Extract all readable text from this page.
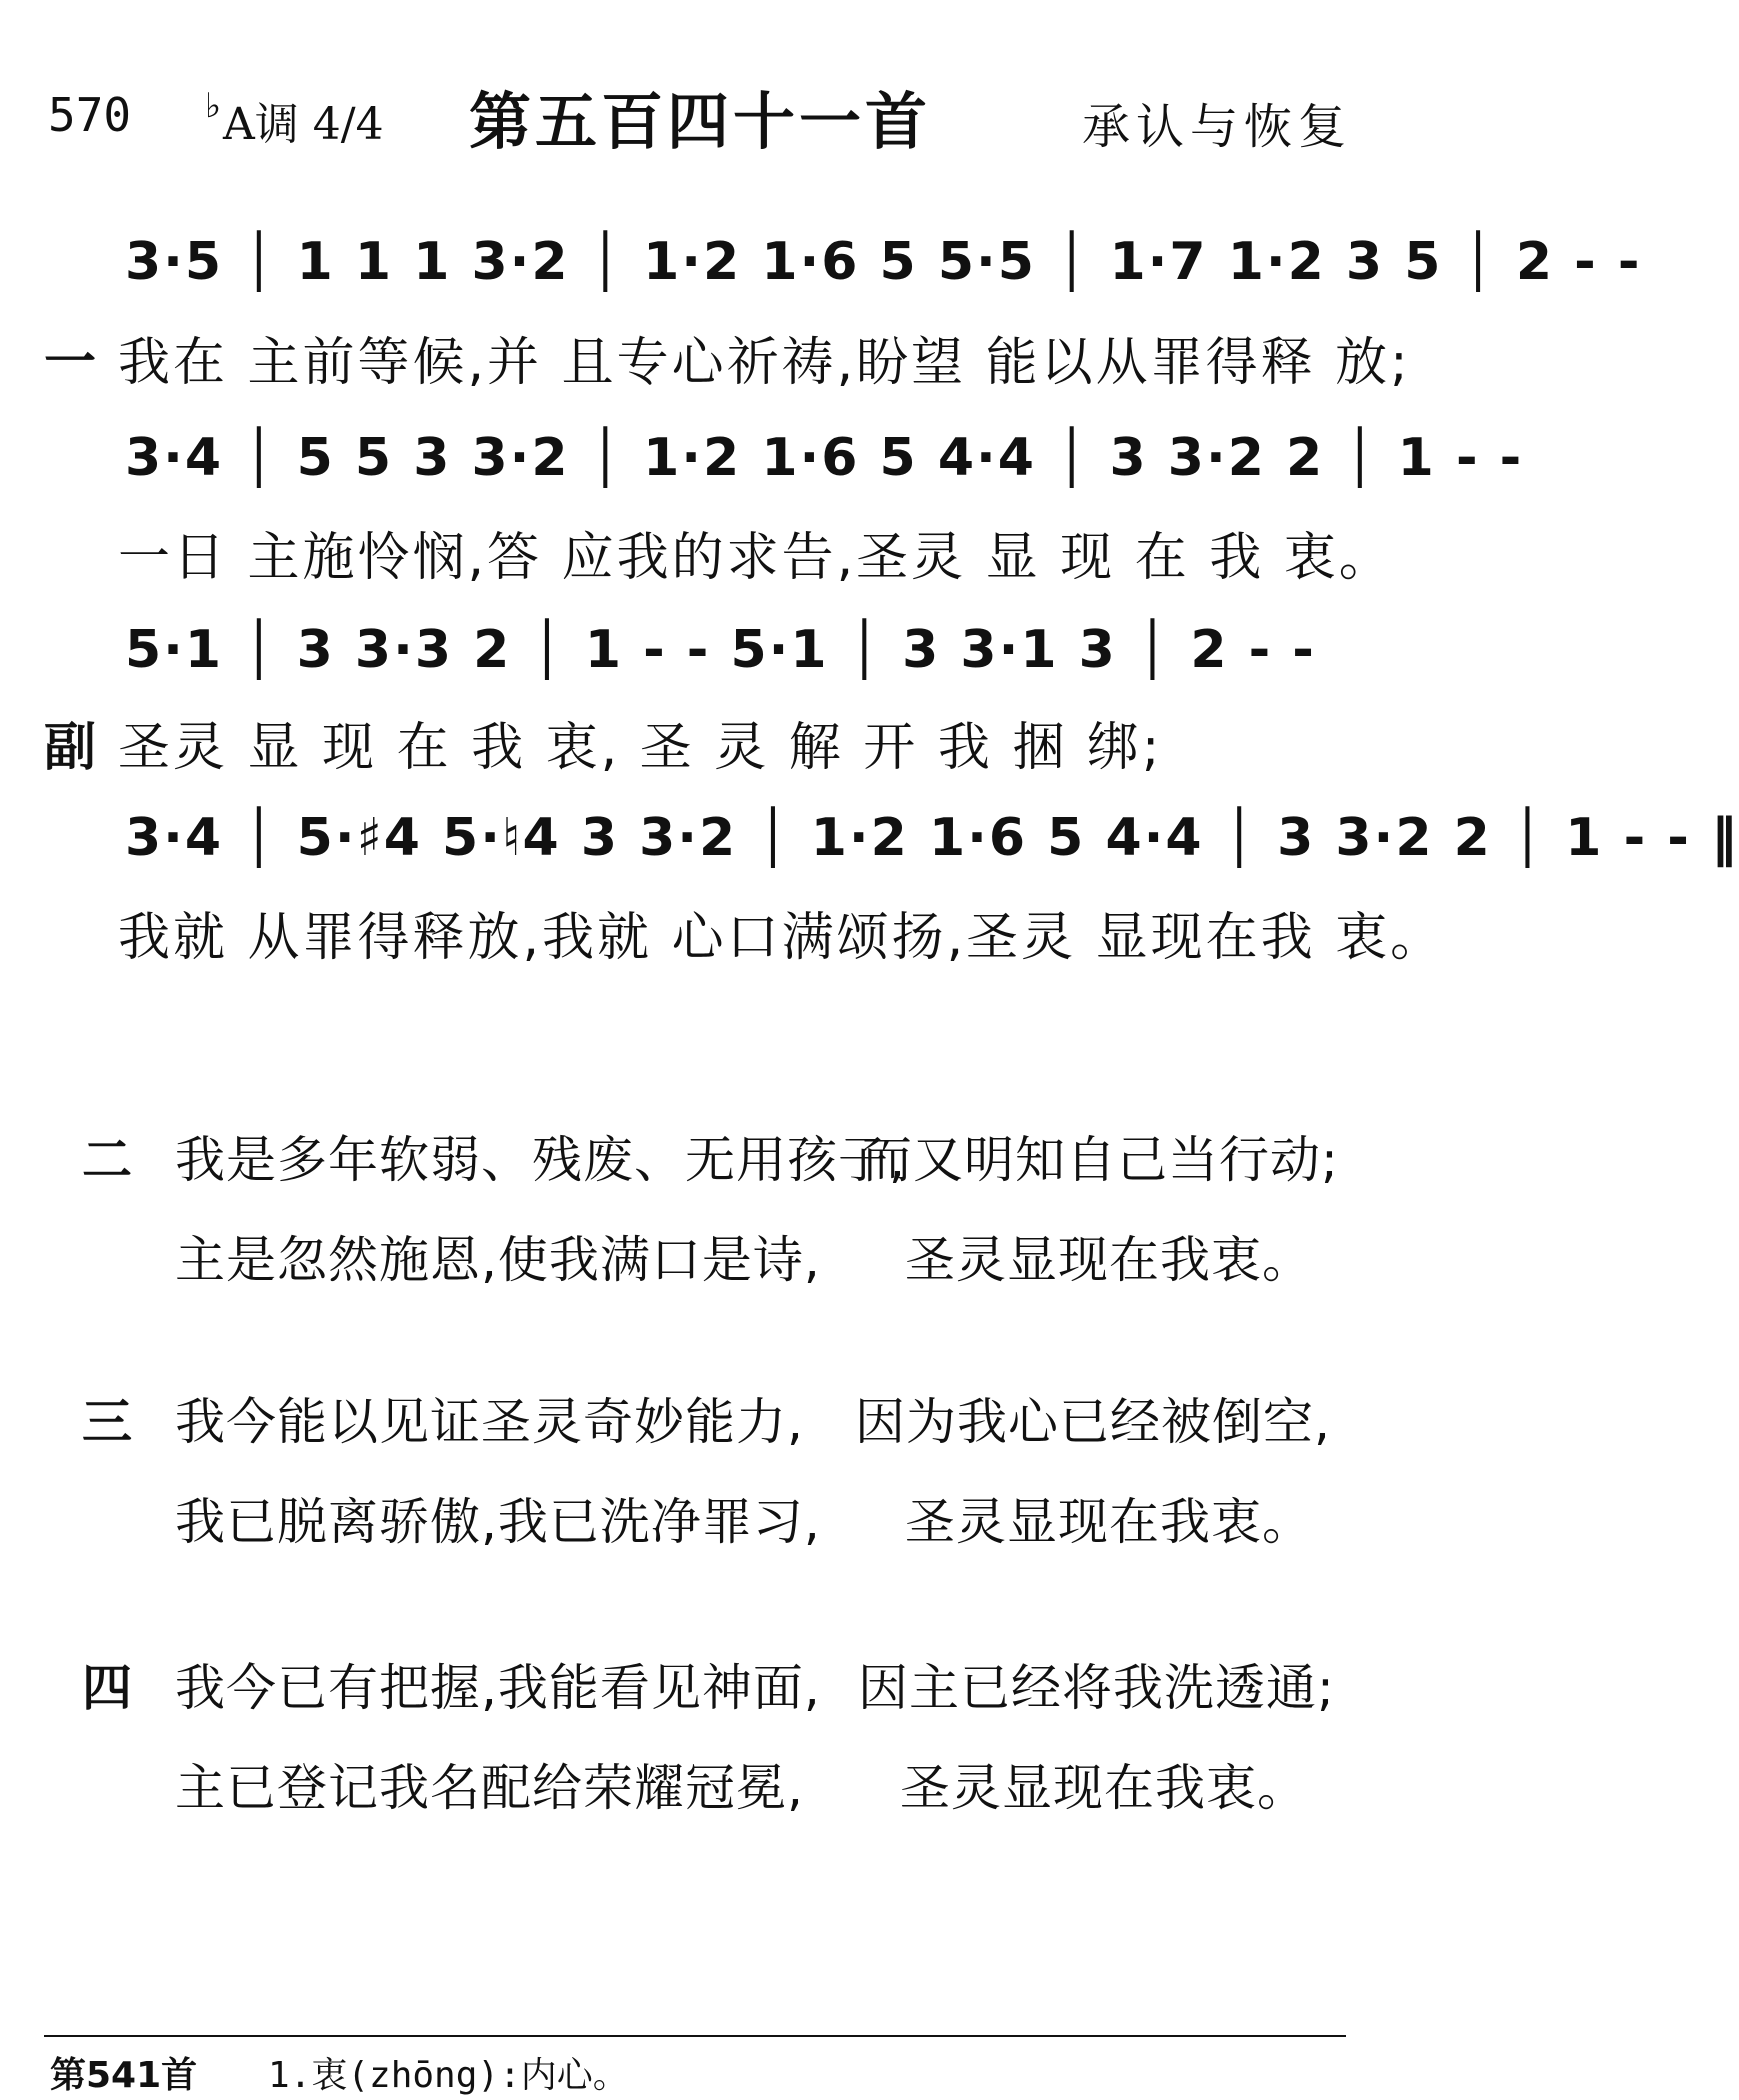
570 ♭A调 4/4	第五百四十一首	承认与恢复
3·5 │ 1 1 1 3·2 │ 1·2 1·6 5 5·5 │ 1·7 1·2 3 5 │ 2 - -
一 我在 主前等候,并 且专心祈祷,盼望 能以从罪得释 放;
3·4 │ 5 5 3 3·2 │ 1·2 1·6 5 4·4 │ 3 3·2 2 │ 1 - -
一日 主施怜悯,答 应我的求告,圣灵 显 现 在 我 衷。
5·1 │ 3 3·3 2 │ 1 - - 5·1 │ 3 3·1 3 │ 2 - -
副 圣灵 显 现 在 我 衷, 圣 灵 解 开 我 捆 绑;
3·4 │ 5·♯4 5·♮4 3 3·2 │ 1·2 1·6 5 4·4 │ 3 3·2 2 │ 1 - - ‖
我就 从罪得释放,我就 心口满颂扬,圣灵 显现在我 衷。
二 我是多年软弱、残废、无用孩子,
而又明知自己当行动;
主是忽然施恩,使我满口是诗, 圣灵显现在我衷。
三 我今能以见证圣灵奇妙能力, 因为我心已经被倒空,
我已脱离骄傲,我已洗净罪习, 圣灵显现在我衷。
四 我今已有把握,我能看见神面, 因主已经将我洗透通;
主已登记我名配给荣耀冠冕, 圣灵显现在我衷。
第541首 1.衷(zhōng):内心。
